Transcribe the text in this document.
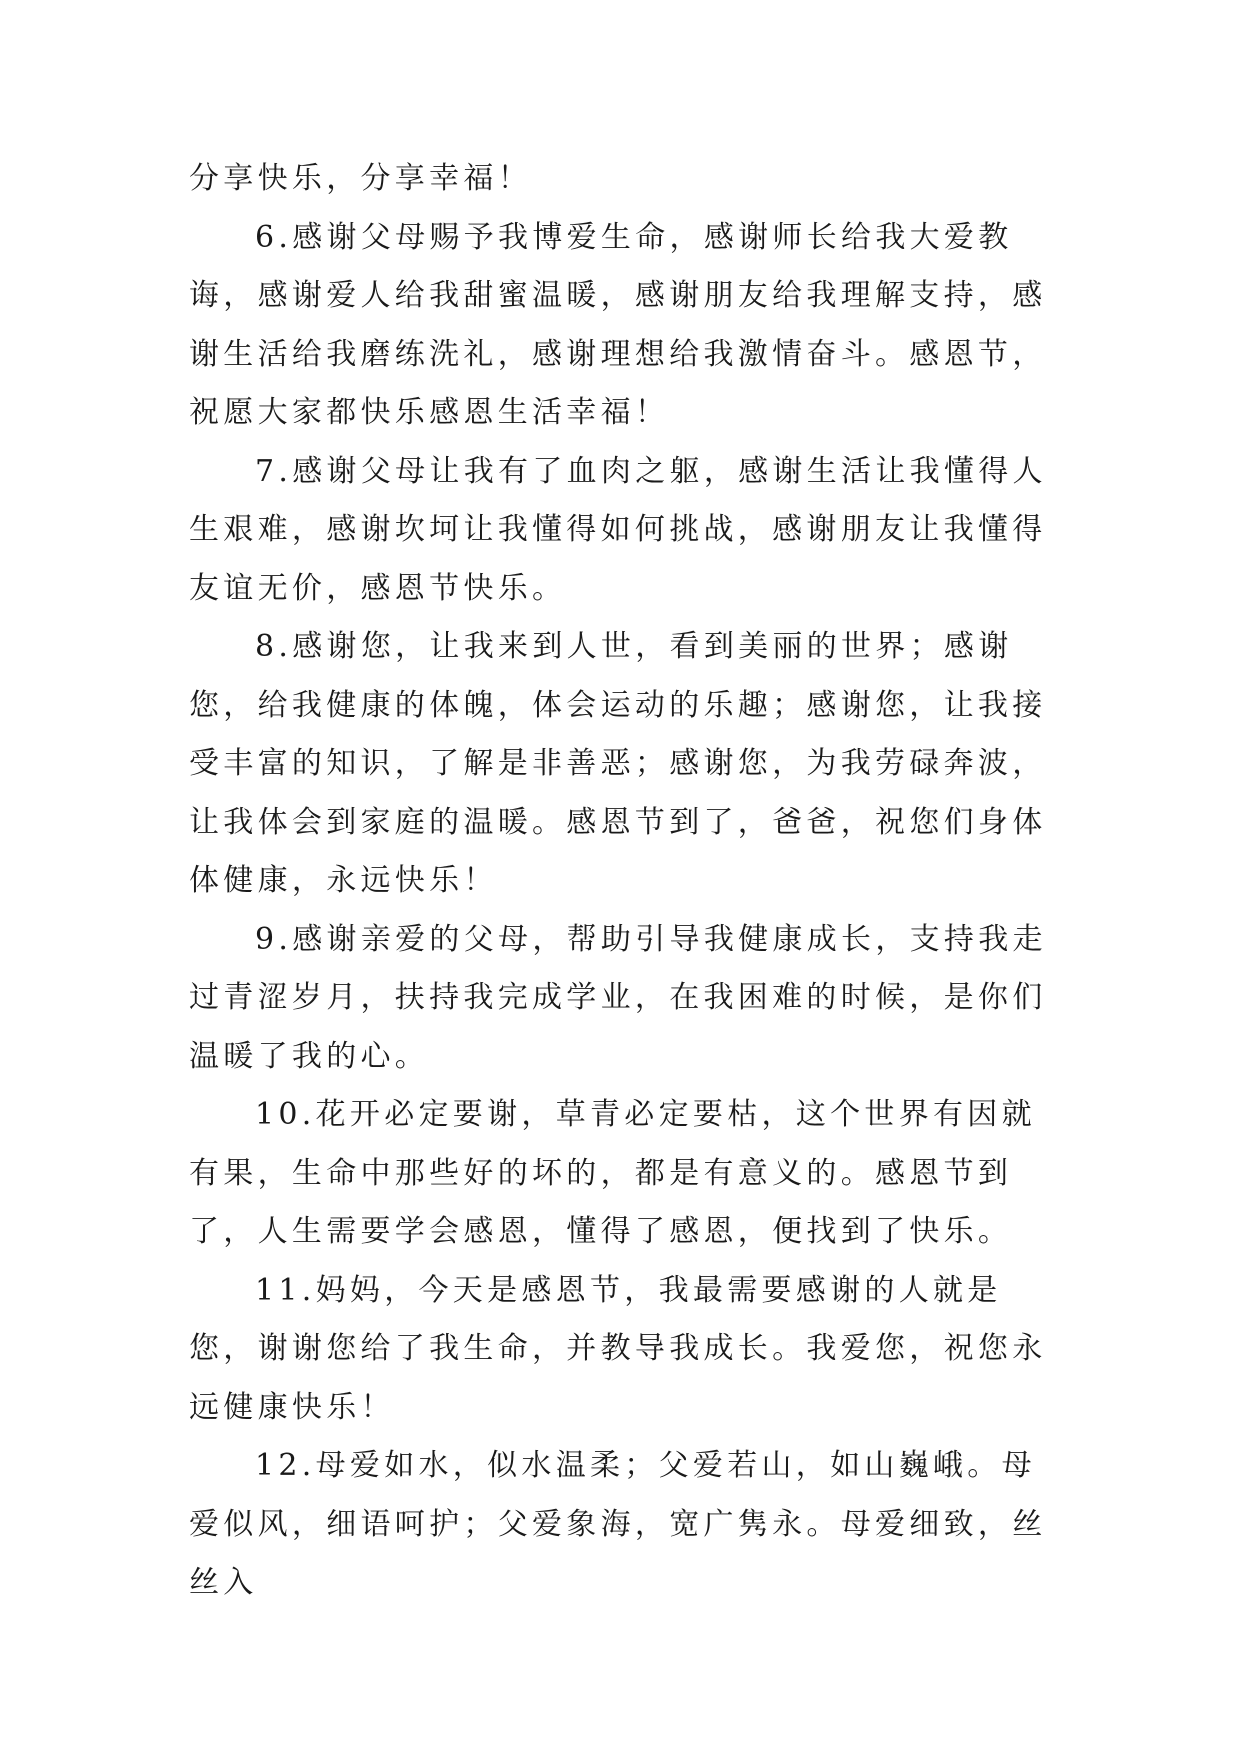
分享快乐，分享幸福！

6.感谢父母赐予我博爱生命，感谢师长给我大爱教诲，感谢爱人给我甜蜜温暖，感谢朋友给我理解支持，感谢生活给我磨练洗礼，感谢理想给我激情奋斗。感恩节，祝愿大家都快乐感恩生活幸福！

7.感谢父母让我有了血肉之躯，感谢生活让我懂得人生艰难，感谢坎坷让我懂得如何挑战，感谢朋友让我懂得友谊无价，感恩节快乐。

8.感谢您，让我来到人世，看到美丽的世界；感谢您，给我健康的体魄，体会运动的乐趣；感谢您，让我接受丰富的知识，了解是非善恶；感谢您，为我劳碌奔波，让我体会到家庭的温暖。感恩节到了，爸爸，祝您们身体体健康，永远快乐！

9.感谢亲爱的父母，帮助引导我健康成长，支持我走过青涩岁月，扶持我完成学业，在我困难的时候，是你们温暖了我的心。

10.花开必定要谢，草青必定要枯，这个世界有因就有果，生命中那些好的坏的，都是有意义的。感恩节到了，人生需要学会感恩，懂得了感恩，便找到了快乐。

11.妈妈，今天是感恩节，我最需要感谢的人就是您，谢谢您给了我生命，并教导我成长。我爱您，祝您永远健康快乐！

12.母爱如水，似水温柔；父爱若山，如山巍峨。母爱似风，细语呵护；父爱象海，宽广隽永。母爱细致，丝丝入
